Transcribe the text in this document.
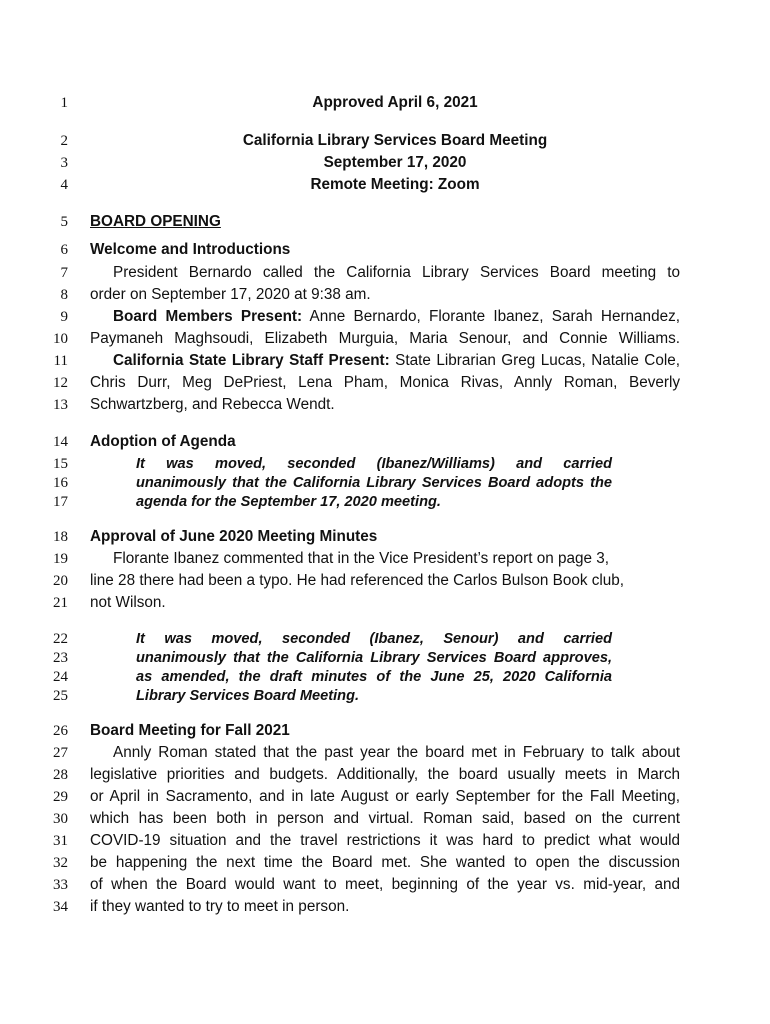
1
2
3
4
5
6
7
8
9
10
11
12
13
14
15
16
17
18
19
20
21
22
23
24
25
26
27
28
29
30
31
32
33
34
Approved April 6, 2021
California Library Services Board Meeting
September 17, 2020
Remote Meeting: Zoom
BOARD OPENING
Welcome and Introductions
President Bernardo called the California Library Services Board meeting to
order on September 17, 2020 at 9:38 am.
Board Members Present: Anne Bernardo, Florante Ibanez, Sarah Hernandez,
Paymaneh Maghsoudi, Elizabeth Murguia, Maria Senour, and Connie Williams.
California State Library Staff Present: State Librarian Greg Lucas, Natalie Cole,
Chris Durr, Meg DePriest, Lena Pham, Monica Rivas, Annly Roman, Beverly
Schwartzberg, and Rebecca Wendt.
Adoption of Agenda
It was moved, seconded (Ibanez/Williams) and carried
unanimously that the California Library Services Board adopts the
agenda for the September 17, 2020 meeting.
Approval of June 2020 Meeting Minutes
Florante Ibanez commented that in the Vice President’s report on page 3,
line 28 there had been a typo. He had referenced the Carlos Bulson Book club,
not Wilson.
It was moved, seconded (Ibanez, Senour) and carried
unanimously that the California Library Services Board approves,
as amended, the draft minutes of the June 25, 2020 California
Library Services Board Meeting.
Board Meeting for Fall 2021
Annly Roman stated that the past year the board met in February to talk about
legislative priorities and budgets. Additionally, the board usually meets in March
or April in Sacramento, and in late August or early September for the Fall Meeting,
which has been both in person and virtual. Roman said, based on the current
COVID-19 situation and the travel restrictions it was hard to predict what would
be happening the next time the Board met. She wanted to open the discussion
of when the Board would want to meet, beginning of the year vs. mid-year, and
if they wanted to try to meet in person.
